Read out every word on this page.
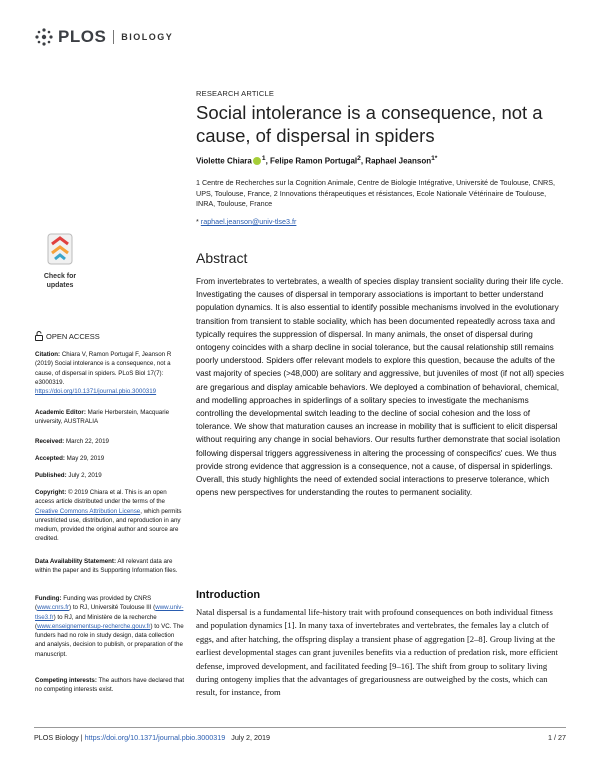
PLOS BIOLOGY
RESEARCH ARTICLE
Social intolerance is a consequence, not a cause, of dispersal in spiders
Violette Chiara $^1$, Felipe Ramon Portugal$^2$, Raphael Jeanson$^{1*}$
1 Centre de Recherches sur la Cognition Animale, Centre de Biologie Intégrative, Université de Toulouse, CNRS, UPS, Toulouse, France, 2 Innovations thérapeutiques et résistances, Ecole Nationale Vétérinaire de Toulouse, INRA, Toulouse, France
* raphael.jeanson@univ-tlse3.fr
Abstract

From invertebrates to vertebrates, a wealth of species display transient sociality during their life cycle. Investigating the causes of dispersal in temporary associations is important to better understand population dynamics. It is also essential to identify possible mechanisms involved in the evolutionary transition from transient to stable sociality, which has been documented repeatedly across taxa and typically requires the suppression of dispersal. In many animals, the onset of dispersal during ontogeny coincides with a sharp decline in social tolerance, but the causal relationship still remains poorly understood. Spiders offer relevant models to explore this question, because the adults of the vast majority of species (>48,000) are solitary and aggressive, but juveniles of most (if not all) species are gregarious and display amicable behaviors. We deployed a combination of behavioral, chemical, and modelling approaches in spiderlings of a solitary species to investigate the mechanisms controlling the developmental switch leading to the decline of social cohesion and the loss of tolerance. We show that maturation causes an increase in mobility that is sufficient to elicit dispersal without requiring any change in social behaviors. Our results further demonstrate that social isolation following dispersal triggers aggressiveness in altering the processing of conspecifics' cues. We thus provide strong evidence that aggression is a consequence, not a cause, of dispersal in spiderlings. Overall, this study highlights the need of extended social interactions to preserve tolerance, which opens new perspectives for understanding the routes to permanent sociality.

Introduction

Natal dispersal is a fundamental life-history trait with profound consequences on both individual fitness and population dynamics [1]. In many taxa of invertebrates and vertebrates, the females lay a clutch of eggs, and after hatching, the offspring display a transient phase of aggregation [2–8]. Group living at the earliest developmental stages can grant juveniles benefits via a reduction of predation risk, more efficient defense, improved development, and facilitated feeding [9–16]. The shift from group to solitary living during ontogeny implies that the advantages of gregariousness are outweighed by the costs, which can result, for instance, from

Check for
updates
OPEN ACCESS
Citation: Chiara V, Ramon Portugal F, Jeanson R (2019) Social intolerance is a consequence, not a cause, of dispersal in spiders. PLoS Biol 17(7): e3000319. https://doi.org/10.1371/journal.pbio.3000319
Academic Editor: Marie Herberstein, Macquarie university, AUSTRALIA
Received: March 22, 2019
Accepted: May 29, 2019
Published: July 2, 2019
Copyright: © 2019 Chiara et al. This is an open access article distributed under the terms of the Creative Commons Attribution License, which permits unrestricted use, distribution, and reproduction in any medium, provided the original author and source are credited.
Data Availability Statement: All relevant data are within the paper and its Supporting Information files.
Funding: Funding was provided by CNRS (www.cnrs.fr) to RJ, Université Toulouse III (www.univ-tlse3.fr) to RJ, and Ministère de la recherche (www.enseignementsup-recherche.gouv.fr) to VC. The funders had no role in study design, data collection and analysis, decision to publish, or preparation of the manuscript.
Competing interests: The authors have declared that no competing interests exist.
PLOS Biology | https://doi.org/10.1371/journal.pbio.3000319   July 2, 2019	1 / 27
